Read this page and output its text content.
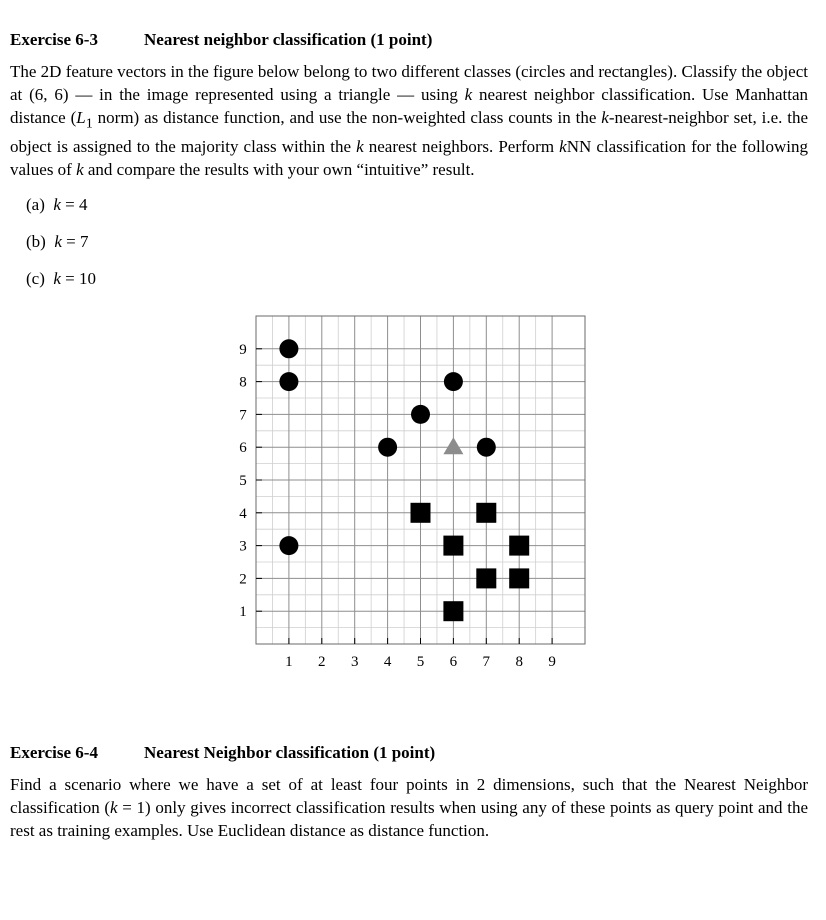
Exercise 6-3	Nearest neighbor classification (1 point)
The 2D feature vectors in the figure below belong to two different classes (circles and rectangles). Classify the object at (6, 6) — in the image represented using a triangle — using k nearest neighbor classification. Use Manhattan distance ($L_1$ norm) as distance function, and use the non-weighted class counts in the k-nearest-neighbor set, i.e. the object is assigned to the majority class within the k nearest neighbors. Perform kNN classification for the following values of k and compare the results with your own “intuitive” result.
(a) k = 4
(b) k = 7
(c) k = 10
1 2 3 4 5 6 7 8 9
1
2
3
4
5
6
7
8
9
Exercise 6-4	Nearest Neighbor classification (1 point)
Find a scenario where we have a set of at least four points in 2 dimensions, such that the Nearest Neighbor classification (k = 1) only gives incorrect classification results when using any of these points as query point and the rest as training examples. Use Euclidean distance as distance function.
